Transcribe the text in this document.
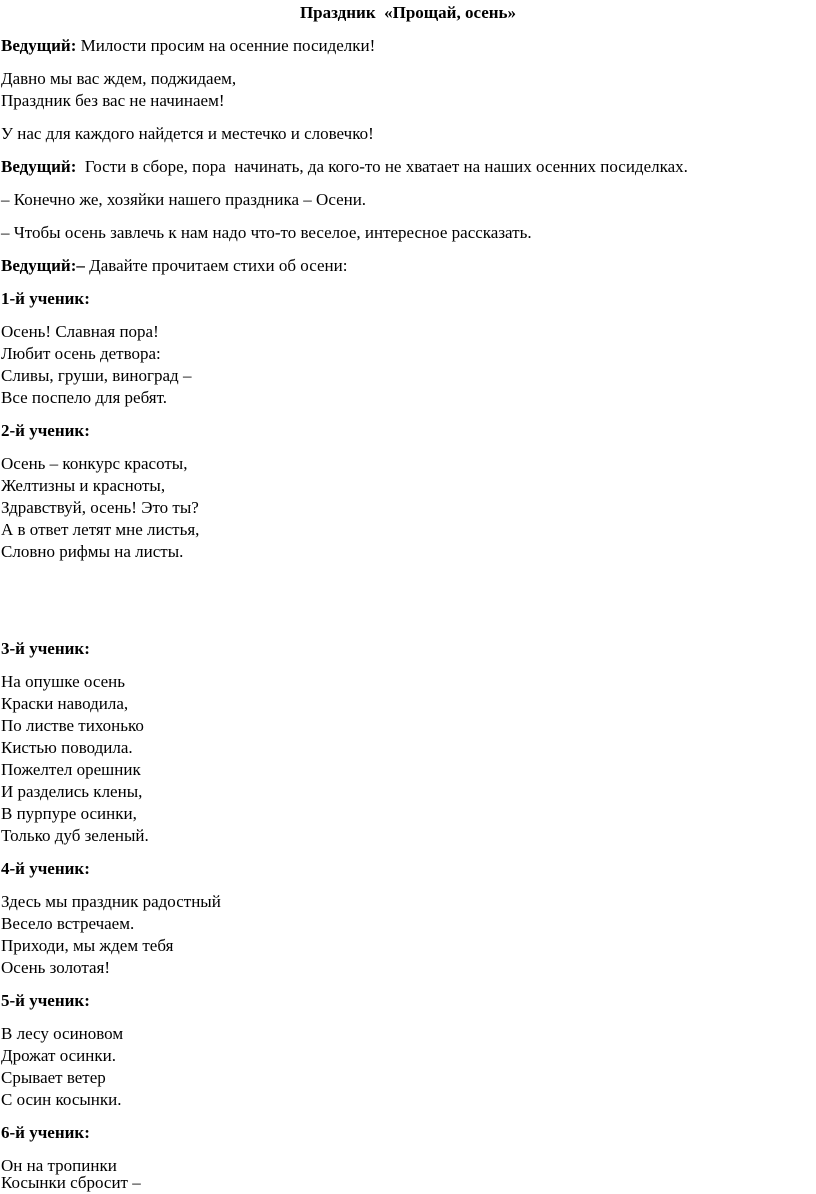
Праздник  «Прощай, осень»
Ведущий: Милости просим на осенние посиделки!
Давно мы вас ждем, поджидаем,
Праздник без вас не начинаем!
У нас для каждого найдется и местечко и словечко!
Ведущий:  Гости в сборе, пора  начинать, да кого-то не хватает на наших осенних посиделках.
– Конечно же, хозяйки нашего праздника – Осени.
– Чтобы осень завлечь к нам надо что-то веселое, интересное рассказать.
Ведущий:– Давайте прочитаем стихи об осени:
1-й ученик:
Осень! Славная пора!
Любит осень детвора:
Сливы, груши, виноград –
Все поспело для ребят.
2-й ученик:
Осень – конкурс красоты,
Желтизны и красноты,
Здравствуй, осень! Это ты?
А в ответ летят мне листья,
Словно рифмы на листы.
3-й ученик:
На опушке осень
Краски наводила,
По листве тихонько
Кистью поводила.
Пожелтел орешник
И разделись клены,
В пурпуре осинки,
Только дуб зеленый.
4-й ученик:
Здесь мы праздник радостный
Весело встречаем.
Приходи, мы ждем тебя
Осень золотая!
5-й ученик:
В лесу осиновом
Дрожат осинки.
Срывает ветер
С осин косынки.
6-й ученик:
Он на тропинки
Косынки сбросит –
